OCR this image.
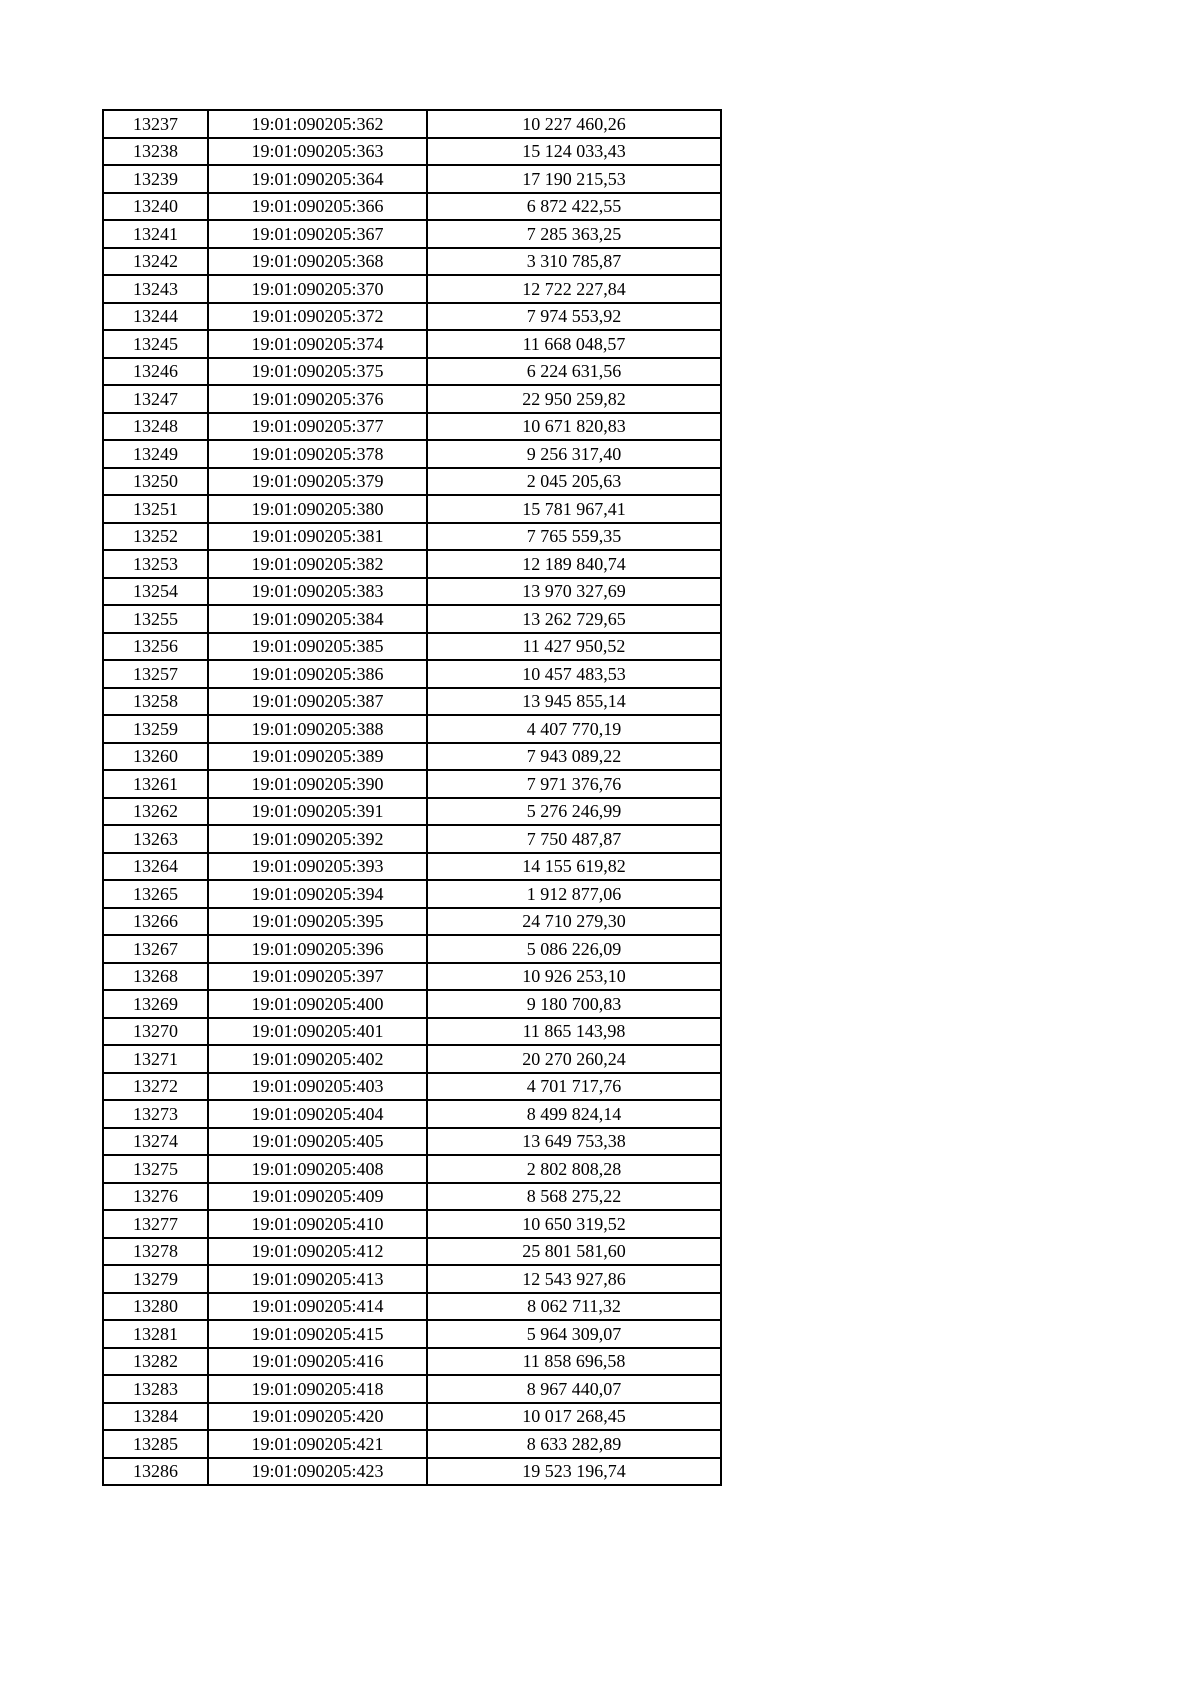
13237	19:01:090205:362	10 227 460,26
13238	19:01:090205:363	15 124 033,43
13239	19:01:090205:364	17 190 215,53
13240	19:01:090205:366	6 872 422,55
13241	19:01:090205:367	7 285 363,25
13242	19:01:090205:368	3 310 785,87
13243	19:01:090205:370	12 722 227,84
13244	19:01:090205:372	7 974 553,92
13245	19:01:090205:374	11 668 048,57
13246	19:01:090205:375	6 224 631,56
13247	19:01:090205:376	22 950 259,82
13248	19:01:090205:377	10 671 820,83
13249	19:01:090205:378	9 256 317,40
13250	19:01:090205:379	2 045 205,63
13251	19:01:090205:380	15 781 967,41
13252	19:01:090205:381	7 765 559,35
13253	19:01:090205:382	12 189 840,74
13254	19:01:090205:383	13 970 327,69
13255	19:01:090205:384	13 262 729,65
13256	19:01:090205:385	11 427 950,52
13257	19:01:090205:386	10 457 483,53
13258	19:01:090205:387	13 945 855,14
13259	19:01:090205:388	4 407 770,19
13260	19:01:090205:389	7 943 089,22
13261	19:01:090205:390	7 971 376,76
13262	19:01:090205:391	5 276 246,99
13263	19:01:090205:392	7 750 487,87
13264	19:01:090205:393	14 155 619,82
13265	19:01:090205:394	1 912 877,06
13266	19:01:090205:395	24 710 279,30
13267	19:01:090205:396	5 086 226,09
13268	19:01:090205:397	10 926 253,10
13269	19:01:090205:400	9 180 700,83
13270	19:01:090205:401	11 865 143,98
13271	19:01:090205:402	20 270 260,24
13272	19:01:090205:403	4 701 717,76
13273	19:01:090205:404	8 499 824,14
13274	19:01:090205:405	13 649 753,38
13275	19:01:090205:408	2 802 808,28
13276	19:01:090205:409	8 568 275,22
13277	19:01:090205:410	10 650 319,52
13278	19:01:090205:412	25 801 581,60
13279	19:01:090205:413	12 543 927,86
13280	19:01:090205:414	8 062 711,32
13281	19:01:090205:415	5 964 309,07
13282	19:01:090205:416	11 858 696,58
13283	19:01:090205:418	8 967 440,07
13284	19:01:090205:420	10 017 268,45
13285	19:01:090205:421	8 633 282,89
13286	19:01:090205:423	19 523 196,74
